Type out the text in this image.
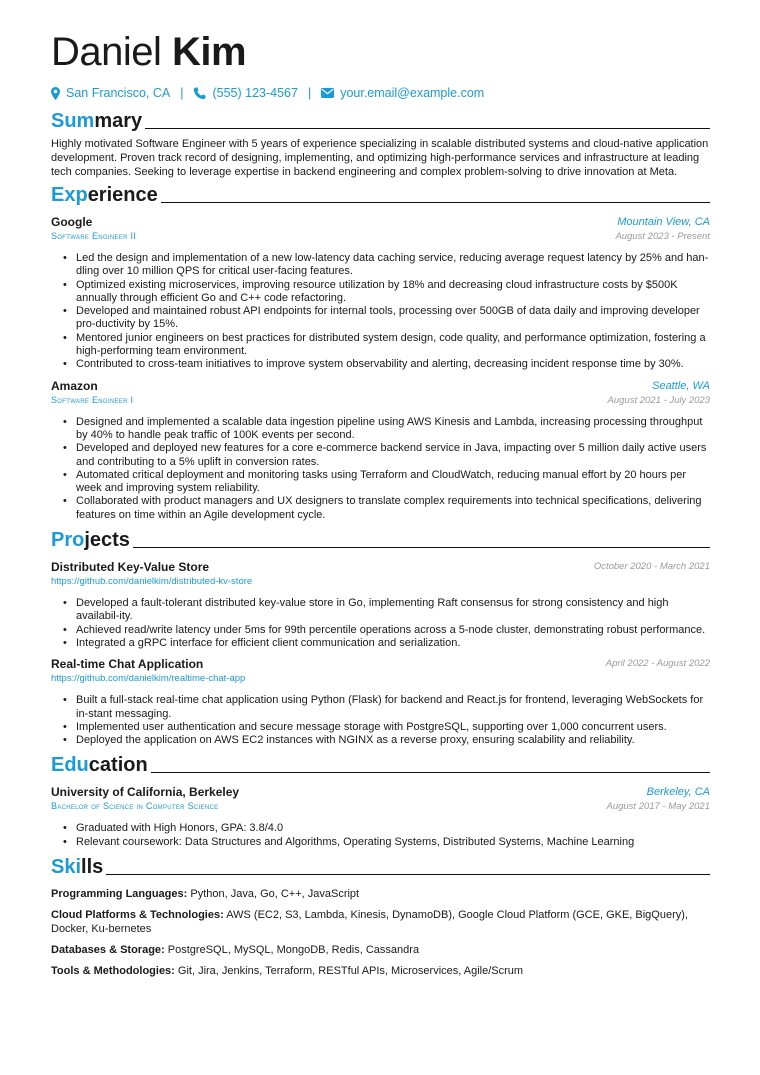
Daniel Kim
San Francisco, CA | (555) 123-4567 | your.email@example.com
Summary
Highly motivated Software Engineer with 5 years of experience specializing in scalable distributed systems and cloud-native application development. Proven track record of designing, implementing, and optimizing high-performance services and infrastructure at leading tech companies. Seeking to leverage expertise in backend engineering and complex problem-solving to drive innovation at Meta.
Experience
Google
Software Engineer II
Mountain View, CA
August 2023 - Present
• Led the design and implementation of a new low-latency data caching service, reducing average request latency by 25% and han-dling over 10 million QPS for critical user-facing features.
• Optimized existing microservices, improving resource utilization by 18% and decreasing cloud infrastructure costs by $500K annually through efficient Go and C++ code refactoring.
• Developed and maintained robust API endpoints for internal tools, processing over 500GB of data daily and improving developer pro-ductivity by 15%.
• Mentored junior engineers on best practices for distributed system design, code quality, and performance optimization, fostering a high-performing team environment.
• Contributed to cross-team initiatives to improve system observability and alerting, decreasing incident response time by 30%.
Amazon
Software Engineer I
Seattle, WA
August 2021 - July 2023
• Designed and implemented a scalable data ingestion pipeline using AWS Kinesis and Lambda, increasing processing throughput by 40% to handle peak traffic of 100K events per second.
• Developed and deployed new features for a core e-commerce backend service in Java, impacting over 5 million daily active users and contributing to a 5% uplift in conversion rates.
• Automated critical deployment and monitoring tasks using Terraform and CloudWatch, reducing manual effort by 20 hours per week and improving system reliability.
• Collaborated with product managers and UX designers to translate complex requirements into technical specifications, delivering features on time within an Agile development cycle.
Projects
Distributed Key-Value Store
https://github.com/danielkim/distributed-kv-store
October 2020 - March 2021
• Developed a fault-tolerant distributed key-value store in Go, implementing Raft consensus for strong consistency and high availabil-ity.
• Achieved read/write latency under 5ms for 99th percentile operations across a 5-node cluster, demonstrating robust performance.
• Integrated a gRPC interface for efficient client communication and serialization.
Real-time Chat Application
https://github.com/danielkim/realtime-chat-app
April 2022 - August 2022
• Built a full-stack real-time chat application using Python (Flask) for backend and React.js for frontend, leveraging WebSockets for in-stant messaging.
• Implemented user authentication and secure message storage with PostgreSQL, supporting over 1,000 concurrent users.
• Deployed the application on AWS EC2 instances with NGINX as a reverse proxy, ensuring scalability and reliability.
Education
University of California, Berkeley
Bachelor of Science in Computer Science
Berkeley, CA
August 2017 - May 2021
• Graduated with High Honors, GPA: 3.8/4.0
• Relevant coursework: Data Structures and Algorithms, Operating Systems, Distributed Systems, Machine Learning
Skills
Programming Languages: Python, Java, Go, C++, JavaScript
Cloud Platforms & Technologies: AWS (EC2, S3, Lambda, Kinesis, DynamoDB), Google Cloud Platform (GCE, GKE, BigQuery), Docker, Ku-bernetes
Databases & Storage: PostgreSQL, MySQL, MongoDB, Redis, Cassandra
Tools & Methodologies: Git, Jira, Jenkins, Terraform, RESTful APIs, Microservices, Agile/Scrum
